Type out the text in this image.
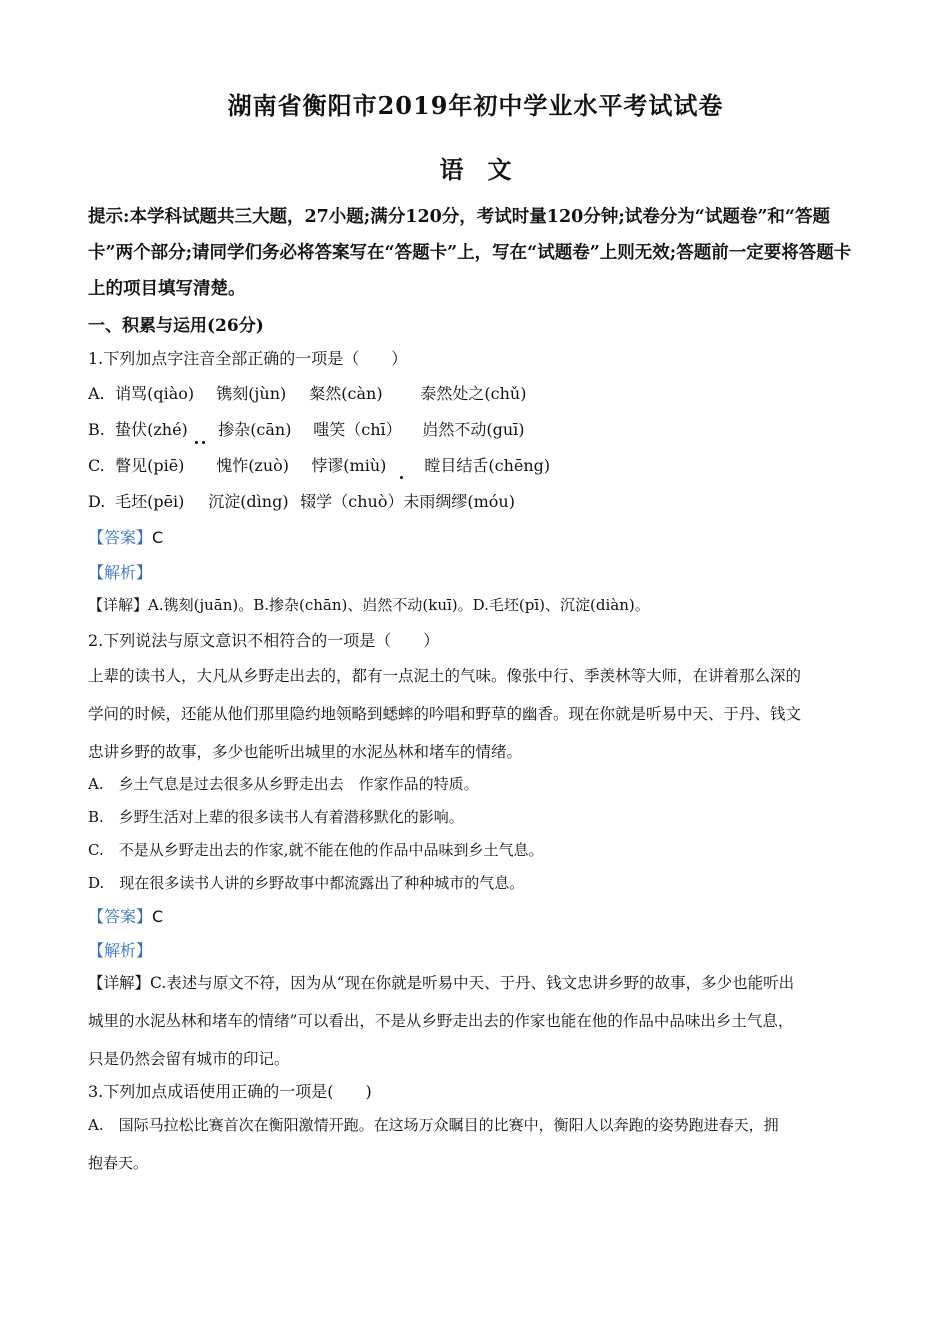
湖南省衡阳市2019年初中学业水平考试试卷
语　文
提示:本学科试题共三大题，27小题;满分120分，考试时量120分钟;试卷分为“试题卷”和“答题卡”两个部分;请同学们务必将答案写在“答题卡”上，写在“试题卷”上则无效;答题前一定要将答题卡上的项目填写清楚。
一、积累与运用(26分)
1.下列加点字注音全部正确的一项是（　　）
A. 诮骂(qiào) 镌刻(jùn) 粲然(càn) 泰然处之(chǔ)
B. 蛰伏(zhé) 掺杂(cān) 嗤笑（chī） 岿然不动(guī)
C. 瞥见(piē) 愧怍(zuò) 悖谬(miù) 瞠目结舌(chēng)
D. 毛坯(pēi) 沉淀(dìng) 辍学（chuò） 未雨绸缪(móu)
【答案】C
【解析】
【详解】A.镌刻(juān)。B.掺杂(chān)、岿然不动(kuī)。D.毛坯(pī)、沉淀(diàn)。
2.下列说法与原文意识不相符合的一项是（　　）
上辈的读书人，大凡从乡野走出去的，都有一点泥土的气味。像张中行、季羡林等大师，在讲着那么深的
学问的时候，还能从他们那里隐约地领略到蟋蟀的吟唱和野草的幽香。现在你就是听易中天、于丹、钱文
忠讲乡野的故事，多少也能听出城里的水泥丛林和堵车的情绪。
A.　乡土气息是过去很多从乡野走出去　作家作品的特质。
B.　乡野生活对上辈的很多读书人有着潜移默化的影响。
C.　不是从乡野走出去的作家,就不能在他的作品中品味到乡土气息。
D.　现在很多读书人讲的乡野故事中都流露出了种种城市的气息。
【答案】C
【解析】
【详解】C.表述与原文不符，因为从“现在你就是听易中天、于丹、钱文忠讲乡野的故事，多少也能听出
城里的水泥丛林和堵车的情绪”可以看出，不是从乡野走出去的作家也能在他的作品中品味出乡土气息，
只是仍然会留有城市的印记。
3.下列加点成语使用正确的一项是(　　)
A.　国际马拉松比赛首次在衡阳激情开跑。在这场万众瞩目的比赛中，衡阳人以奔跑的姿势跑进春天，拥
抱春天。
